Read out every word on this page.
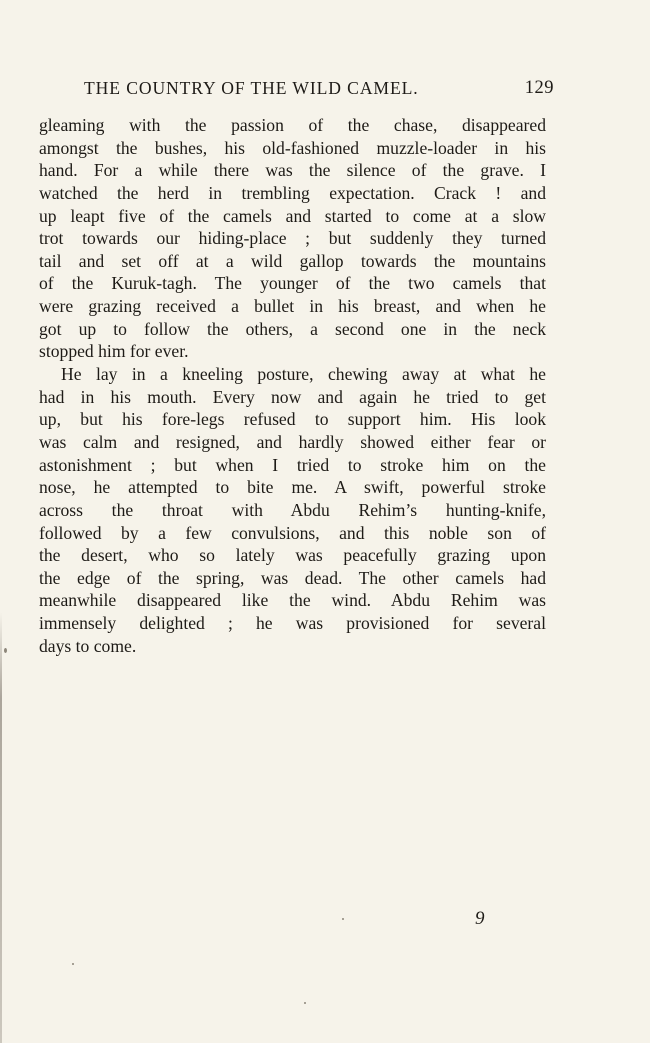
THE COUNTRY OF THE WILD CAMEL.	129

gleaming with the passion of the chase, disappeared
amongst the bushes, his old-fashioned muzzle-loader in his
hand. For a while there was the silence of the grave. I
watched the herd in trembling expectation. Crack ! and
up leapt five of the camels and started to come at a slow
trot towards our hiding-place ; but suddenly they turned
tail and set off at a wild gallop towards the mountains
of the Kuruk-tagh. The younger of the two camels that
were grazing received a bullet in his breast, and when he
got up to follow the others, a second one in the neck
stopped him for ever.

He lay in a kneeling posture, chewing away at what he
had in his mouth. Every now and again he tried to get
up, but his fore-legs refused to support him. His look
was calm and resigned, and hardly showed either fear or
astonishment ; but when I tried to stroke him on the
nose, he attempted to bite me. A swift, powerful stroke
across the throat with Abdu Rehim’s hunting-knife,
followed by a few convulsions, and this noble son of
the desert, who so lately was peacefully grazing upon
the edge of the spring, was dead. The other camels had
meanwhile disappeared like the wind. Abdu Rehim was
immensely delighted ; he was provisioned for several
days to come.

9
